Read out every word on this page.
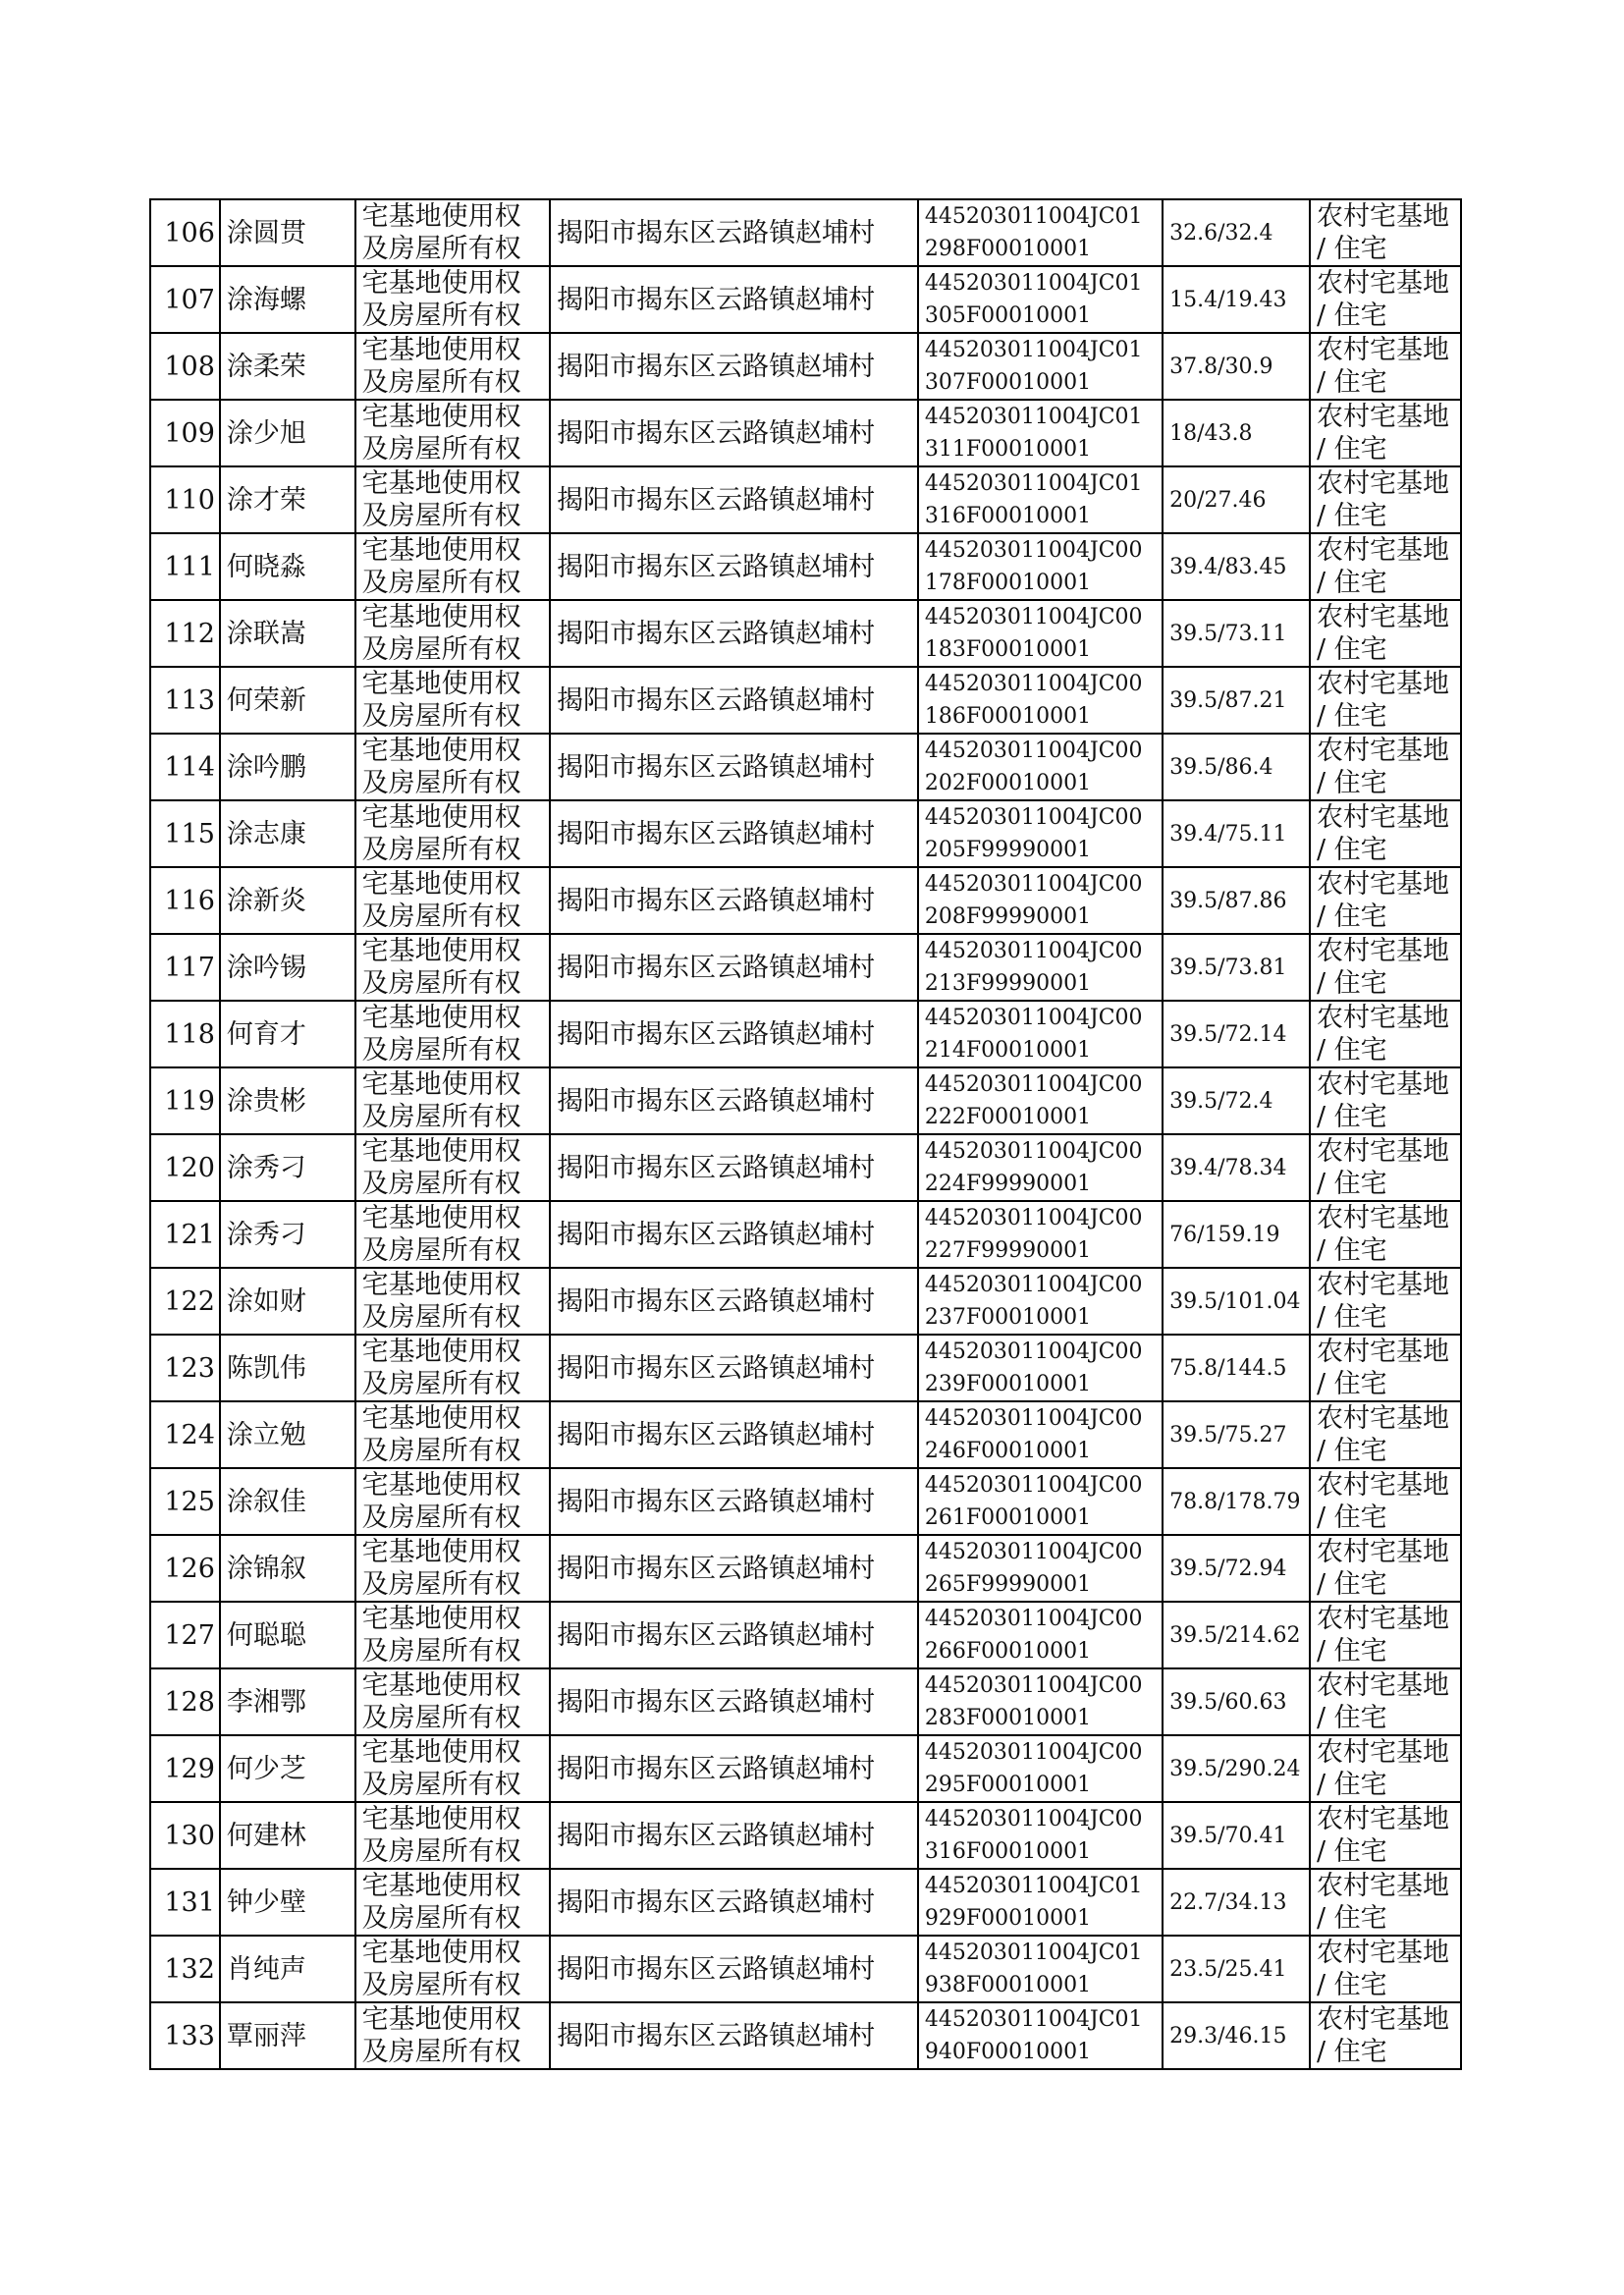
106	涂圆贯	宅基地使用权及房屋所有权	揭阳市揭东区云路镇赵埔村	445203011004JC01298F00010001	32.6/32.4	农村宅基地 / 住宅
107	涂海螺	宅基地使用权及房屋所有权	揭阳市揭东区云路镇赵埔村	445203011004JC01305F00010001	15.4/19.43	农村宅基地 / 住宅
108	涂柔荣	宅基地使用权及房屋所有权	揭阳市揭东区云路镇赵埔村	445203011004JC01307F00010001	37.8/30.9	农村宅基地 / 住宅
109	涂少旭	宅基地使用权及房屋所有权	揭阳市揭东区云路镇赵埔村	445203011004JC01311F00010001	18/43.8	农村宅基地 / 住宅
110	涂才荣	宅基地使用权及房屋所有权	揭阳市揭东区云路镇赵埔村	445203011004JC01316F00010001	20/27.46	农村宅基地 / 住宅
111	何晓淼	宅基地使用权及房屋所有权	揭阳市揭东区云路镇赵埔村	445203011004JC00178F00010001	39.4/83.45	农村宅基地 / 住宅
112	涂联嵩	宅基地使用权及房屋所有权	揭阳市揭东区云路镇赵埔村	445203011004JC00183F00010001	39.5/73.11	农村宅基地 / 住宅
113	何荣新	宅基地使用权及房屋所有权	揭阳市揭东区云路镇赵埔村	445203011004JC00186F00010001	39.5/87.21	农村宅基地 / 住宅
114	涂吟鹏	宅基地使用权及房屋所有权	揭阳市揭东区云路镇赵埔村	445203011004JC00202F00010001	39.5/86.4	农村宅基地 / 住宅
115	涂志康	宅基地使用权及房屋所有权	揭阳市揭东区云路镇赵埔村	445203011004JC00205F99990001	39.4/75.11	农村宅基地 / 住宅
116	涂新炎	宅基地使用权及房屋所有权	揭阳市揭东区云路镇赵埔村	445203011004JC00208F99990001	39.5/87.86	农村宅基地 / 住宅
117	涂吟锡	宅基地使用权及房屋所有权	揭阳市揭东区云路镇赵埔村	445203011004JC00213F99990001	39.5/73.81	农村宅基地 / 住宅
118	何育才	宅基地使用权及房屋所有权	揭阳市揭东区云路镇赵埔村	445203011004JC00214F00010001	39.5/72.14	农村宅基地 / 住宅
119	涂贵彬	宅基地使用权及房屋所有权	揭阳市揭东区云路镇赵埔村	445203011004JC00222F00010001	39.5/72.4	农村宅基地 / 住宅
120	涂秀刁	宅基地使用权及房屋所有权	揭阳市揭东区云路镇赵埔村	445203011004JC00224F99990001	39.4/78.34	农村宅基地 / 住宅
121	涂秀刁	宅基地使用权及房屋所有权	揭阳市揭东区云路镇赵埔村	445203011004JC00227F99990001	76/159.19	农村宅基地 / 住宅
122	涂如财	宅基地使用权及房屋所有权	揭阳市揭东区云路镇赵埔村	445203011004JC00237F00010001	39.5/101.04	农村宅基地 / 住宅
123	陈凯伟	宅基地使用权及房屋所有权	揭阳市揭东区云路镇赵埔村	445203011004JC00239F00010001	75.8/144.5	农村宅基地 / 住宅
124	涂立勉	宅基地使用权及房屋所有权	揭阳市揭东区云路镇赵埔村	445203011004JC00246F00010001	39.5/75.27	农村宅基地 / 住宅
125	涂叙佳	宅基地使用权及房屋所有权	揭阳市揭东区云路镇赵埔村	445203011004JC00261F00010001	78.8/178.79	农村宅基地 / 住宅
126	涂锦叙	宅基地使用权及房屋所有权	揭阳市揭东区云路镇赵埔村	445203011004JC00265F99990001	39.5/72.94	农村宅基地 / 住宅
127	何聪聪	宅基地使用权及房屋所有权	揭阳市揭东区云路镇赵埔村	445203011004JC00266F00010001	39.5/214.62	农村宅基地 / 住宅
128	李湘鄂	宅基地使用权及房屋所有权	揭阳市揭东区云路镇赵埔村	445203011004JC00283F00010001	39.5/60.63	农村宅基地 / 住宅
129	何少芝	宅基地使用权及房屋所有权	揭阳市揭东区云路镇赵埔村	445203011004JC00295F00010001	39.5/290.24	农村宅基地 / 住宅
130	何建林	宅基地使用权及房屋所有权	揭阳市揭东区云路镇赵埔村	445203011004JC00316F00010001	39.5/70.41	农村宅基地 / 住宅
131	钟少壁	宅基地使用权及房屋所有权	揭阳市揭东区云路镇赵埔村	445203011004JC01929F00010001	22.7/34.13	农村宅基地 / 住宅
132	肖纯声	宅基地使用权及房屋所有权	揭阳市揭东区云路镇赵埔村	445203011004JC01938F00010001	23.5/25.41	农村宅基地 / 住宅
133	覃丽萍	宅基地使用权及房屋所有权	揭阳市揭东区云路镇赵埔村	445203011004JC01940F00010001	29.3/46.15	农村宅基地 / 住宅
